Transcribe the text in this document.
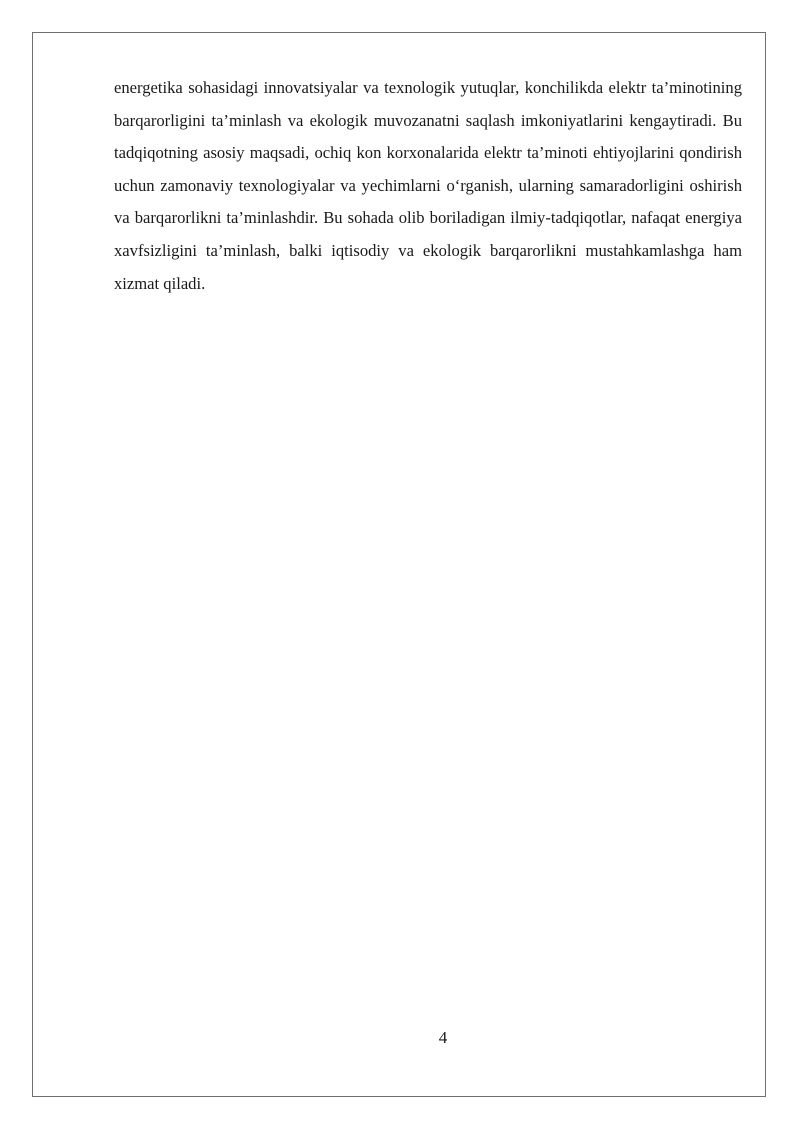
energetika sohasidagi innovatsiyalar va texnologik yutuqlar, konchilikda elektr ta’minotining barqarorligini ta’minlash va ekologik muvozanatni saqlash imkoniyatlarini kengaytiradi. Bu tadqiqotning asosiy maqsadi, ochiq kon korxonalarida elektr ta’minoti ehtiyojlarini qondirish uchun zamonaviy texnologiyalar va yechimlarni o‘rganish, ularning samaradorligini oshirish va barqarorlikni ta’minlashdir. Bu sohada olib boriladigan ilmiy-tadqiqotlar, nafaqat energiya xavfsizligini ta’minlash, balki iqtisodiy va ekologik barqarorlikni mustahkamlashga ham xizmat qiladi.

4
